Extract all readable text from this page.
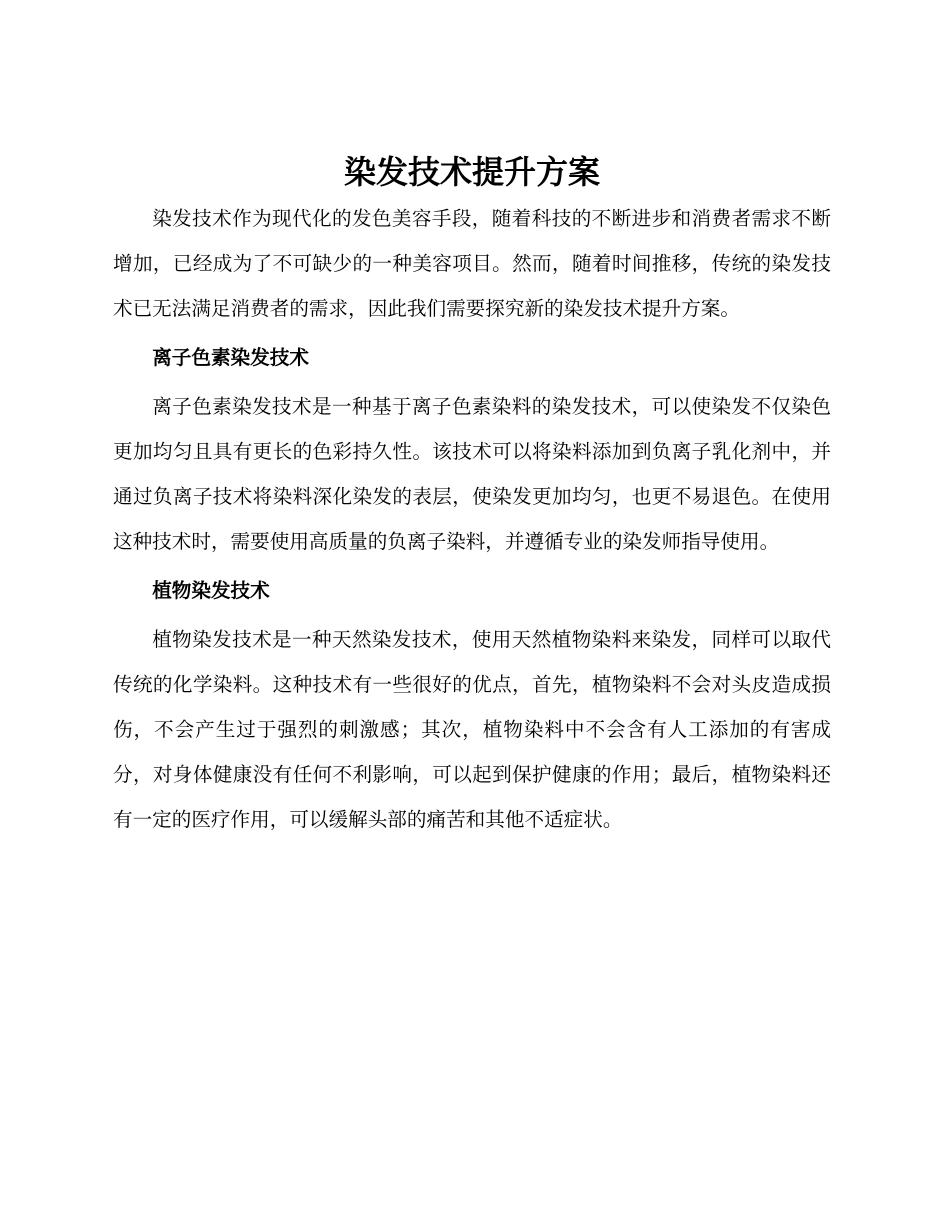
染发技术提升方案

染发技术作为现代化的发色美容手段，随着科技的不断进步和消费者需求不断增加，已经成为了不可缺少的一种美容项目。然而，随着时间推移，传统的染发技术已无法满足消费者的需求，因此我们需要探究新的染发技术提升方案。

离子色素染发技术

离子色素染发技术是一种基于离子色素染料的染发技术，可以使染发不仅染色更加均匀且具有更长的色彩持久性。该技术可以将染料添加到负离子乳化剂中，并通过负离子技术将染料深化染发的表层，使染发更加均匀，也更不易退色。在使用这种技术时，需要使用高质量的负离子染料，并遵循专业的染发师指导使用。

植物染发技术

植物染发技术是一种天然染发技术，使用天然植物染料来染发，同样可以取代传统的化学染料。这种技术有一些很好的优点，首先，植物染料不会对头皮造成损伤，不会产生过于强烈的刺激感；其次，植物染料中不会含有人工添加的有害成分，对身体健康没有任何不利影响，可以起到保护健康的作用；最后，植物染料还有一定的医疗作用，可以缓解头部的痛苦和其他不适症状。
